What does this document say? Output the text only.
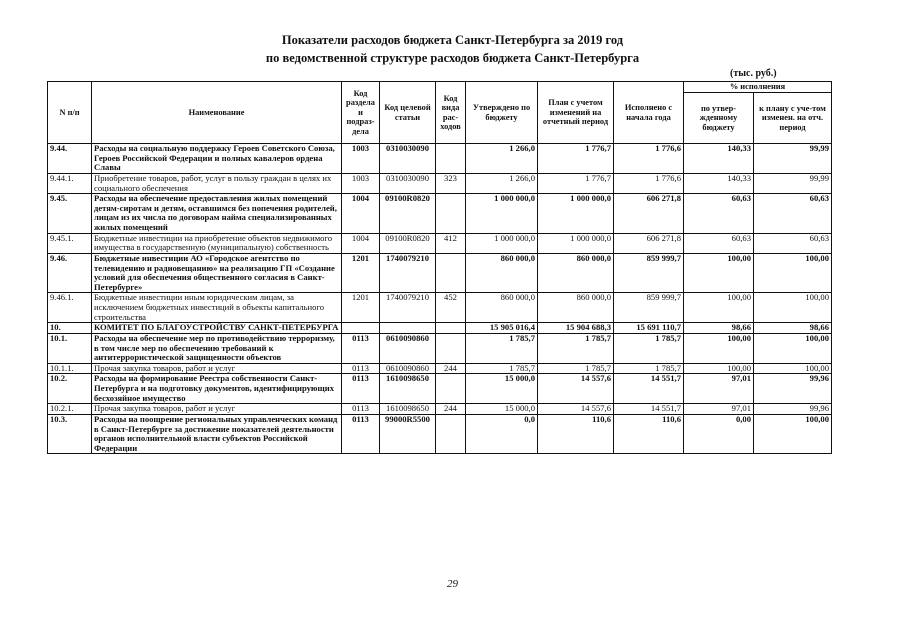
Показатели расходов бюджета Санкт-Петербурга за 2019 год
по ведомственной структуре расходов бюджета Санкт-Петербурга
(тыс. руб.)
N п/п	Наименование	Код раздела и подраз-дела	Код целевой статьи	Код вида рас-ходов	Утверждено по бюджету	План с учетом изменений на отчетный период	Исполнено с начала года	% исполнения	
								по утвер-жденному бюджету	к плану с уче-том изменен. на отч. период
9.44.	Расходы на социальную поддержку Героев Советского Союза, Героев Российской Федерации и полных кавалеров ордена Славы	1003	0310030090		1 266,0	1 776,7	1 776,6	140,33	99,99
9.44.1.	Приобретение товаров, работ, услуг в пользу граждан в целях их социального обеспечения	1003	0310030090	323	1 266,0	1 776,7	1 776,6	140,33	99,99
9.45.	Расходы на обеспечение предоставления жилых помещений детям-сиротам и детям, оставшимся без попечения родителей, лицам из их числа по договорам найма специализированных жилых помещений	1004	09100R0820		1 000 000,0	1 000 000,0	606 271,8	60,63	60,63
9.45.1.	Бюджетные инвестиции на приобретение объектов недвижимого имущества в государственную (муниципальную) собственность	1004	09100R0820	412	1 000 000,0	1 000 000,0	606 271,8	60,63	60,63
9.46.	Бюджетные инвестиции АО «Городское агентство по телевидению и радиовещанию» на реализацию ГП «Создание условий для обеспечения общественного согласия в Санкт-Петербурге»	1201	1740079210		860 000,0	860 000,0	859 999,7	100,00	100,00
9.46.1.	Бюджетные инвестиции иным юридическим лицам, за исключением бюджетных инвестиций в объекты капитального строительства	1201	1740079210	452	860 000,0	860 000,0	859 999,7	100,00	100,00
10.	КОМИТЕТ ПО БЛАГОУСТРОЙСТВУ САНКТ-ПЕТЕРБУРГА				15 905 016,4	15 904 688,3	15 691 110,7	98,66	98,66
10.1.	Расходы на обеспечение мер по противодействию терроризму, в том числе мер по обеспечению требований к антитеррористической защищенности объектов	0113	0610090860		1 785,7	1 785,7	1 785,7	100,00	100,00
10.1.1.	Прочая закупка товаров, работ и услуг	0113	0610090860	244	1 785,7	1 785,7	1 785,7	100,00	100,00
10.2.	Расходы на формирование Реестра собственности Санкт-Петербурга и на подготовку документов, идентифицирующих бесхозяйное имущество	0113	1610098650		15 000,0	14 557,6	14 551,7	97,01	99,96
10.2.1.	Прочая закупка товаров, работ и услуг	0113	1610098650	244	15 000,0	14 557,6	14 551,7	97,01	99,96
10.3.	Расходы на поощрение региональных управленческих команд в Санкт-Петербурге за достижение показателей деятельности органов исполнительной власти субъектов Российской Федерации	0113	99000R5500		0,0	110,6	110,6	0,00	100,00
29
